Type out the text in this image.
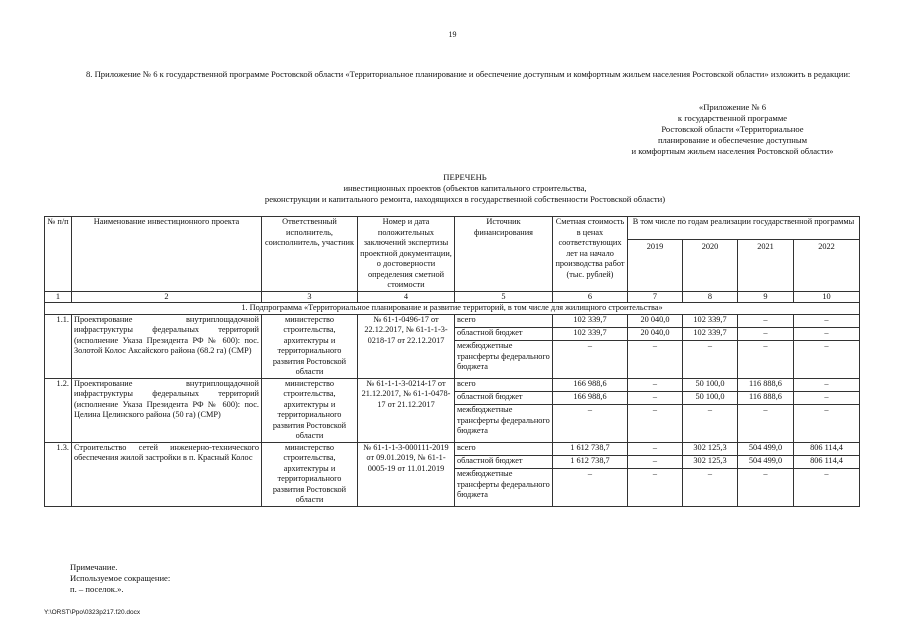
19
8. Приложение № 6 к государственной программе Ростовской области «Территориальное планирование и обеспечение доступным и комфортным жильем населения Ростовской области» изложить в редакции:
«Приложение № 6
к государственной программе
Ростовской области «Территориальное
планирование и обеспечение доступным
и комфортным жильем населения Ростовской области»
ПЕРЕЧЕНЬ
инвестиционных проектов (объектов капитального строительства,
реконструкции и капитального ремонта, находящихся в государственной собственности Ростовской области)
№ п/п	Наименование инвестиционного проекта	Ответственный исполнитель, соисполнитель, участник	Номер и дата положительных заключений экспертизы проектной документации, о достоверности определения сметной стоимости	Источник финансирования	Сметная стоимость в ценах соответствующих лет на начало производства работ (тыс. рублей)	В том числе по годам реализации государственной программы			
						2019	2020	2021	2022
1	2	3	4	5	6	7	8	9	10
1. Подпрограмма «Территориальное планирование и развитие территорий, в том числе для жилищного строительства»									
1.1.	Проектирование внутриплощадочной инфраструктуры федеральных территорий (исполнение Указа Президента РФ № 600): пос. Золотой Колос Аксайского района (68.2 га) (СМР)	министерство строительства, архитектуры и территориального развития Ростовской области	№ 61-1-0496-17 от 22.12.2017, № 61-1-1-3-0218-17 от 22.12.2017	всего	102 339,7	20 040,0	102 339,7	–	–
				областной бюджет	102 339,7	20 040,0	102 339,7	–	–
				межбюджетные трансферты федерального бюджета	–	–	–	–	–
1.2.	Проектирование внутриплощадочной инфраструктуры федеральных территорий (исполнение Указа Президента РФ № 600): пос. Целина Целинского района (50 га) (СМР)	министерство строительства, архитектуры и территориального развития Ростовской области	№ 61-1-1-3-0214-17 от 21.12.2017, № 61-1-0478-17 от 21.12.2017	всего	166 988,6	–	50 100,0	116 888,6	–
				областной бюджет	166 988,6	–	50 100,0	116 888,6	–
				межбюджетные трансферты федерального бюджета	–	–	–	–	–
1.3.	Строительство сетей инженерно-технического обеспечения жилой застройки в п. Красный Колос	министерство строительства, архитектуры и территориального развития Ростовской области	№ 61-1-1-3-000111-2019 от 09.01.2019, № 61-1-0005-19 от 11.01.2019	всего	1 612 738,7	–	302 125,3	504 499,0	806 114,4
				областной бюджет	1 612 738,7	–	302 125,3	504 499,0	806 114,4
				межбюджетные трансферты федерального бюджета	–	–	–	–	–
Примечание.
Используемое сокращение:
п. – поселок.».
Y:\ORST\Ppo\0323p217.f20.docx
